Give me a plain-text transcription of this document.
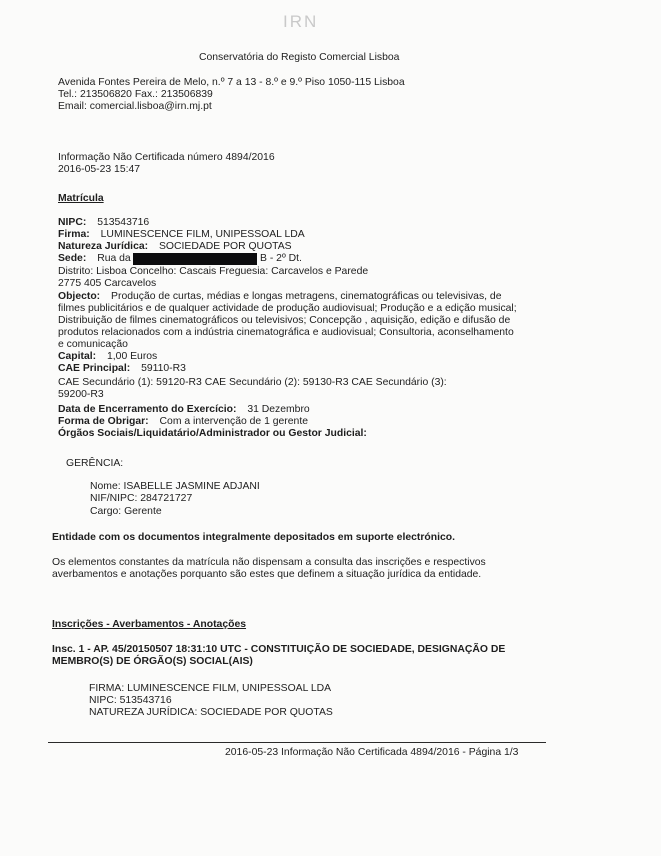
IRN
Conservatória do Registo Comercial Lisboa
Avenida Fontes Pereira de Melo, n.º 7 a 13 - 8.º e 9.º Piso 1050-115 Lisboa
Tel.: 213506820 Fax.: 213506839
Email: comercial.lisboa@irn.mj.pt
Informação Não Certificada número 4894/2016
2016-05-23 15:47
Matrícula
NIPC: 513543716
Firma: LUMINESCENCE FILM, UNIPESSOAL LDA
Natureza Jurídica: SOCIEDADE POR QUOTAS
Sede: Rua da	B - 2º Dt.
Distrito: Lisboa Concelho: Cascais Freguesia: Carcavelos e Parede
2775 405 Carcavelos
Objecto: Produção de curtas, médias e longas metragens, cinematográficas ou televisivas, de
filmes publicitários e de qualquer actividade de produção audiovisual; Produção e a edição musical;
Distribuição de filmes cinematográficos ou televisivos; Concepção , aquisição, edição e difusão de
produtos relacionados com a indústria cinematográfica e audiovisual; Consultoria, aconselhamento
e comunicação
Capital: 1,00 Euros
CAE Principal: 59110-R3
CAE Secundário (1): 59120-R3 CAE Secundário (2): 59130-R3 CAE Secundário (3):
59200-R3
Data de Encerramento do Exercício: 31 Dezembro
Forma de Obrigar: Com a intervenção de 1 gerente
Órgãos Sociais/Liquidatário/Administrador ou Gestor Judicial:
GERÊNCIA:
Nome: ISABELLE JASMINE ADJANI
NIF/NIPC: 284721727
Cargo: Gerente
Entidade com os documentos integralmente depositados em suporte electrónico.
Os elementos constantes da matrícula não dispensam a consulta das inscrições e respectivos
averbamentos e anotações porquanto são estes que definem a situação jurídica da entidade.
Inscrições - Averbamentos - Anotações
Insc. 1 - AP. 45/20150507 18:31:10 UTC - CONSTITUIÇÃO DE SOCIEDADE, DESIGNAÇÃO DE
MEMBRO(S) DE ÓRGÃO(S) SOCIAL(AIS)
FIRMA: LUMINESCENCE FILM, UNIPESSOAL LDA
NIPC: 513543716
NATUREZA JURÍDICA: SOCIEDADE POR QUOTAS
2016-05-23 Informação Não Certificada 4894/2016 - Página 1/3
